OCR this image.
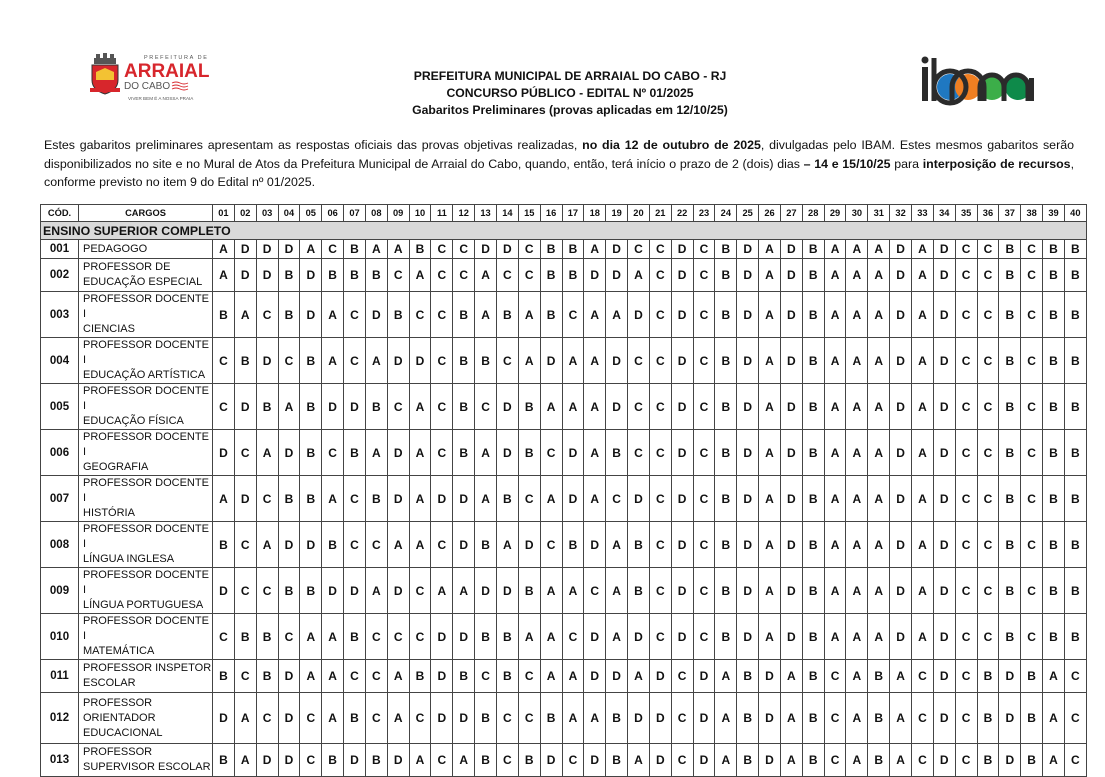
PREFEITURA DE
ARRAIAL
DO CABO
VIVER BEM É A NOSSA PRAIA
PREFEITURA MUNICIPAL DE ARRAIAL DO CABO - RJ
CONCURSO PÚBLICO - EDITAL Nº 01/2025
Gabaritos Preliminares (provas aplicadas em 12/10/25)
Estes gabaritos preliminares apresentam as respostas oficiais das provas objetivas realizadas, no dia 12 de outubro de 2025, divulgadas pelo IBAM. Estes mesmos gabaritos serão disponibilizados no site e no Mural de Atos da Prefeitura Municipal de Arraial do Cabo, quando, então, terá início o prazo de 2 (dois) dias – 14 e 15/10/25 para interposição de recursos, conforme previsto no item 9 do Edital nº 01/2025.
CÓD.	CARGOS	01	02	03	04	05	06	07	08	09	10	11	12	13	14	15	16	17	18	19	20	21	22	23	24	25	26	27	28	29	30	31	32	33	34	35	36	37	38	39	40
ENSINO SUPERIOR COMPLETO
001	PEDAGOGO	A	D	D	D	A	C	B	A	A	B	C	C	D	D	C	B	B	A	D	C	C	D	C	B	D	A	D	B	A	A	A	D	A	D	C	C	B	C	B	B
002	
PROFESSOR DE
EDUCAÇÃO ESPECIAL	A	D	D	B	D	B	B	B	C	A	C	C	A	C	C	B	B	D	D	A	C	D	C	B	D	A	D	B	A	A	A	D	A	D	C	C	B	C	B	B
003	
PROFESSOR DOCENTE I
CIENCIAS
	B	A	C	B	D	A	C	D	B	C	C	B	A	B	A	B	C	A	A	D	C	D	C	B	D	A	D	B	A	A	A	D	A	D	C	C	B	C	B	B
004	
PROFESSOR DOCENTE I
EDUCAÇÃO ARTÍSTICA
	C	B	D	C	B	A	C	A	D	D	C	B	B	C	A	D	A	A	D	C	C	D	C	B	D	A	D	B	A	A	A	D	A	D	C	C	B	C	B	B
005	
PROFESSOR DOCENTE I
EDUCAÇÃO FÍSICA
	C	D	B	A	B	D	D	B	C	A	C	B	C	D	B	A	A	A	D	C	C	D	C	B	D	A	D	B	A	A	A	D	A	D	C	C	B	C	B	B
006	
PROFESSOR DOCENTE I
GEOGRAFIA
	D	C	A	D	B	C	B	A	D	A	C	B	A	D	B	C	D	A	B	C	C	D	C	B	D	A	D	B	A	A	A	D	A	D	C	C	B	C	B	B
007	
PROFESSOR DOCENTE I
HISTÓRIA
	A	D	C	B	B	A	C	B	D	A	D	D	A	B	C	A	D	A	C	D	C	D	C	B	D	A	D	B	A	A	A	D	A	D	C	C	B	C	B	B
008	
PROFESSOR DOCENTE I
LÍNGUA INGLESA
	B	C	A	D	D	B	C	C	A	A	C	D	B	A	D	C	B	D	A	B	C	D	C	B	D	A	D	B	A	A	A	D	A	D	C	C	B	C	B	B
009	
PROFESSOR DOCENTE I
LÍNGUA PORTUGUESA
	D	C	C	B	B	D	D	A	D	C	A	A	D	D	B	A	A	C	A	B	C	D	C	B	D	A	D	B	A	A	A	D	A	D	C	C	B	C	B	B
010	
PROFESSOR DOCENTE I
MATEMÁTICA
	C	B	B	C	A	A	B	C	C	C	D	D	B	B	A	A	C	D	A	D	C	D	C	B	D	A	D	B	A	A	A	D	A	D	C	C	B	C	B	B
011	
PROFESSOR INSPETOR
ESCOLAR	B	C	B	D	A	A	C	C	A	B	D	B	C	B	C	A	A	D	D	A	D	C	D	A	B	D	A	B	C	A	B	A	C	D	C	B	D	B	A	C
012	
PROFESSOR
ORIENTADOR
EDUCACIONAL
	D	A	C	D	C	A	B	C	A	C	D	D	B	C	C	B	A	A	B	D	D	C	D	A	B	D	A	B	C	A	B	A	C	D	C	B	D	B	A	C
013	
PROFESSOR
SUPERVISOR ESCOLAR	B	A	D	D	C	B	D	B	D	A	C	A	B	C	B	D	C	D	B	A	D	C	D	A	B	D	A	B	C	A	B	A	C	D	C	B	D	B	A	C
